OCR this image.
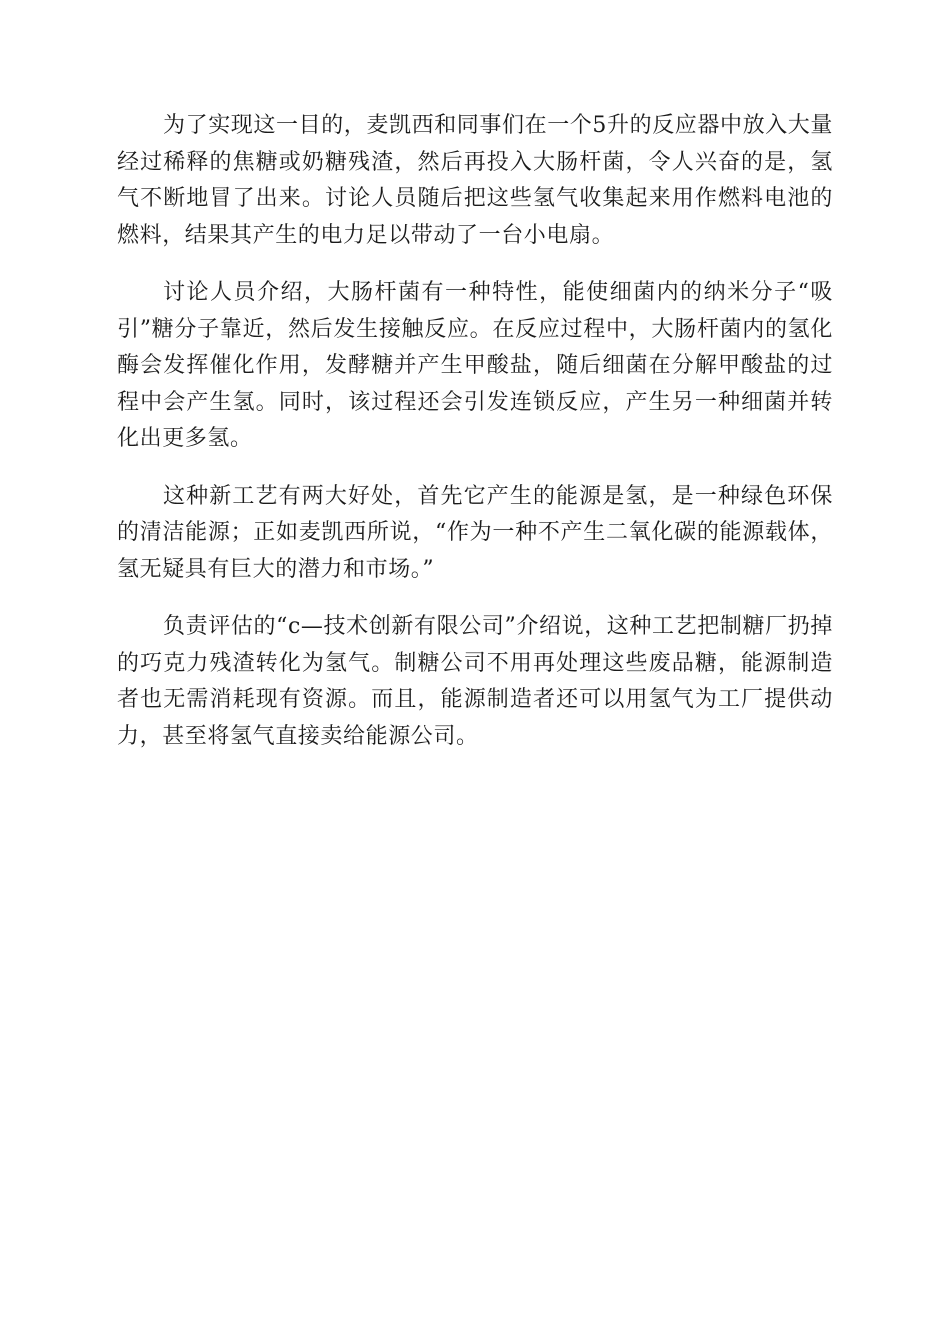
为了实现这一目的，麦凯西和同事们在一个5升的反应器中放入大量经过稀释的焦糖或奶糖残渣，然后再投入大肠杆菌，令人兴奋的是，氢气不断地冒了出来。讨论人员随后把这些氢气收集起来用作燃料电池的燃料，结果其产生的电力足以带动了一台小电扇。

讨论人员介绍，大肠杆菌有一种特性，能使细菌内的纳米分子“吸引”糖分子靠近，然后发生接触反应。在反应过程中，大肠杆菌内的氢化酶会发挥催化作用，发酵糖并产生甲酸盐，随后细菌在分解甲酸盐的过程中会产生氢。同时，该过程还会引发连锁反应，产生另一种细菌并转化出更多氢。

这种新工艺有两大好处，首先它产生的能源是氢，是一种绿色环保的清洁能源；正如麦凯西所说，“作为一种不产生二氧化碳的能源载体，氢无疑具有巨大的潜力和市场。”

负责评估的“c—技术创新有限公司”介绍说，这种工艺把制糖厂扔掉的巧克力残渣转化为氢气。制糖公司不用再处理这些废品糖，能源制造者也无需消耗现有资源。而且，能源制造者还可以用氢气为工厂提供动力，甚至将氢气直接卖给能源公司。
